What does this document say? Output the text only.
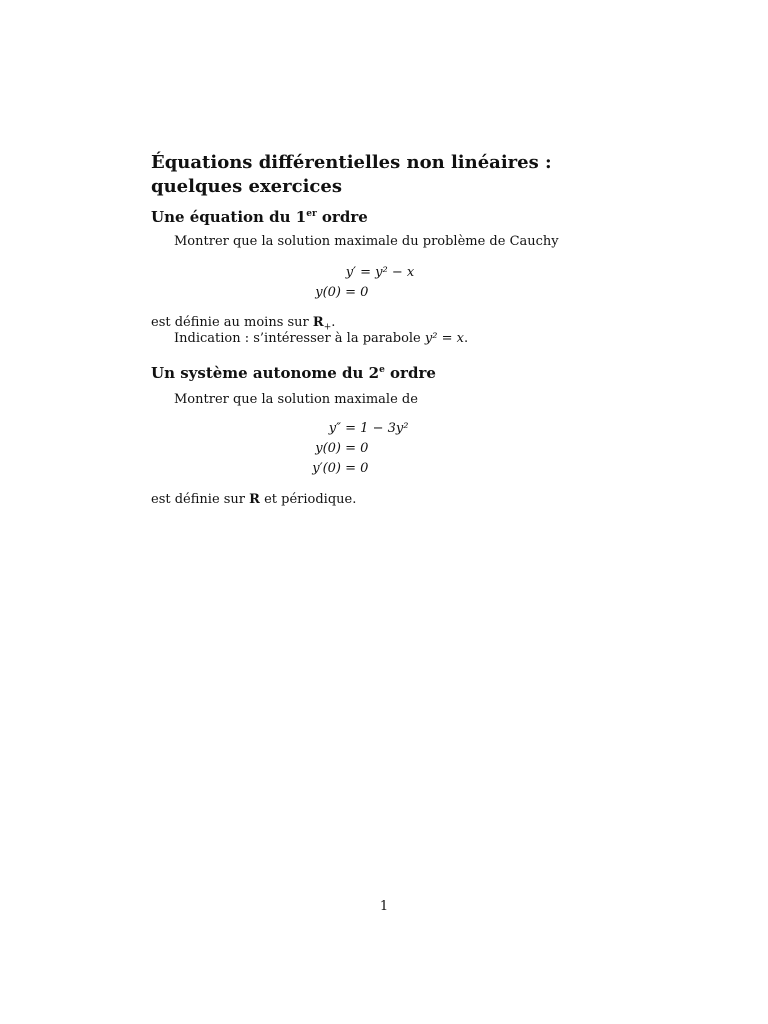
Équations différentielles non linéaires :
quelques exercices
Une équation du 1er ordre
Montrer que la solution maximale du problème de Cauchy
y′ = y² − x
y(0) = 0
est définie au moins sur $R_+$.
Indication : s’intéresser à la parabole y² = x.
Un système autonome du 2e ordre
Montrer que la solution maximale de
y″ = 1 − 3y²
y(0) = 0
y′(0) = 0
est définie sur R et périodique.
1
